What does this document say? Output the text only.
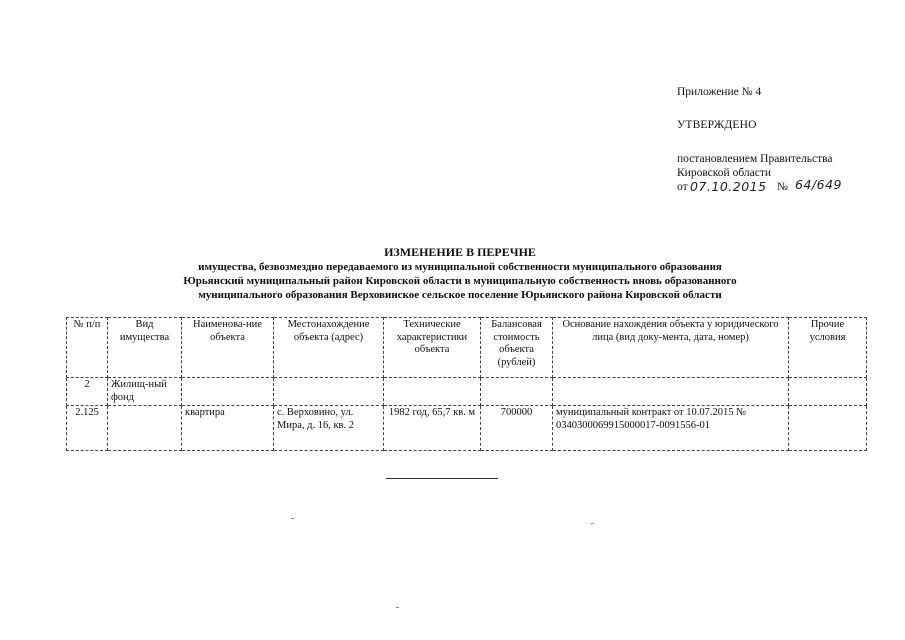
Приложение № 4
УТВЕРЖДЕНО
постановлением Правительства
Кировской области
от 07.10.2015 № 64/649
ИЗМЕНЕНИЕ В ПЕРЕЧНЕ
имущества, безвозмездно передаваемого из муниципальной собственности муниципального образования
Юрьянский муниципальный район Кировской области в муниципальную собственность вновь образованного
муниципального образования Верховинское сельское поселение Юрьянского района Кировской области
№ п/п	Вид имущества	Наименова-ние объекта	Местонахождение объекта (адрес)	Технические характеристики объекта	Балансовая стоимость объекта (рублей)	Основание нахождения объекта у юридического лица (вид доку-мента, дата, номер)	Прочие условия
2	Жилищ-ный фонд						
2.125		квартира	с. Верховино, ул. Мира, д. 16, кв. 2	1982 год, 65,7 кв. м	700000	муниципальный контракт от 10.07.2015 № 0340300069915000017-0091556-01	
